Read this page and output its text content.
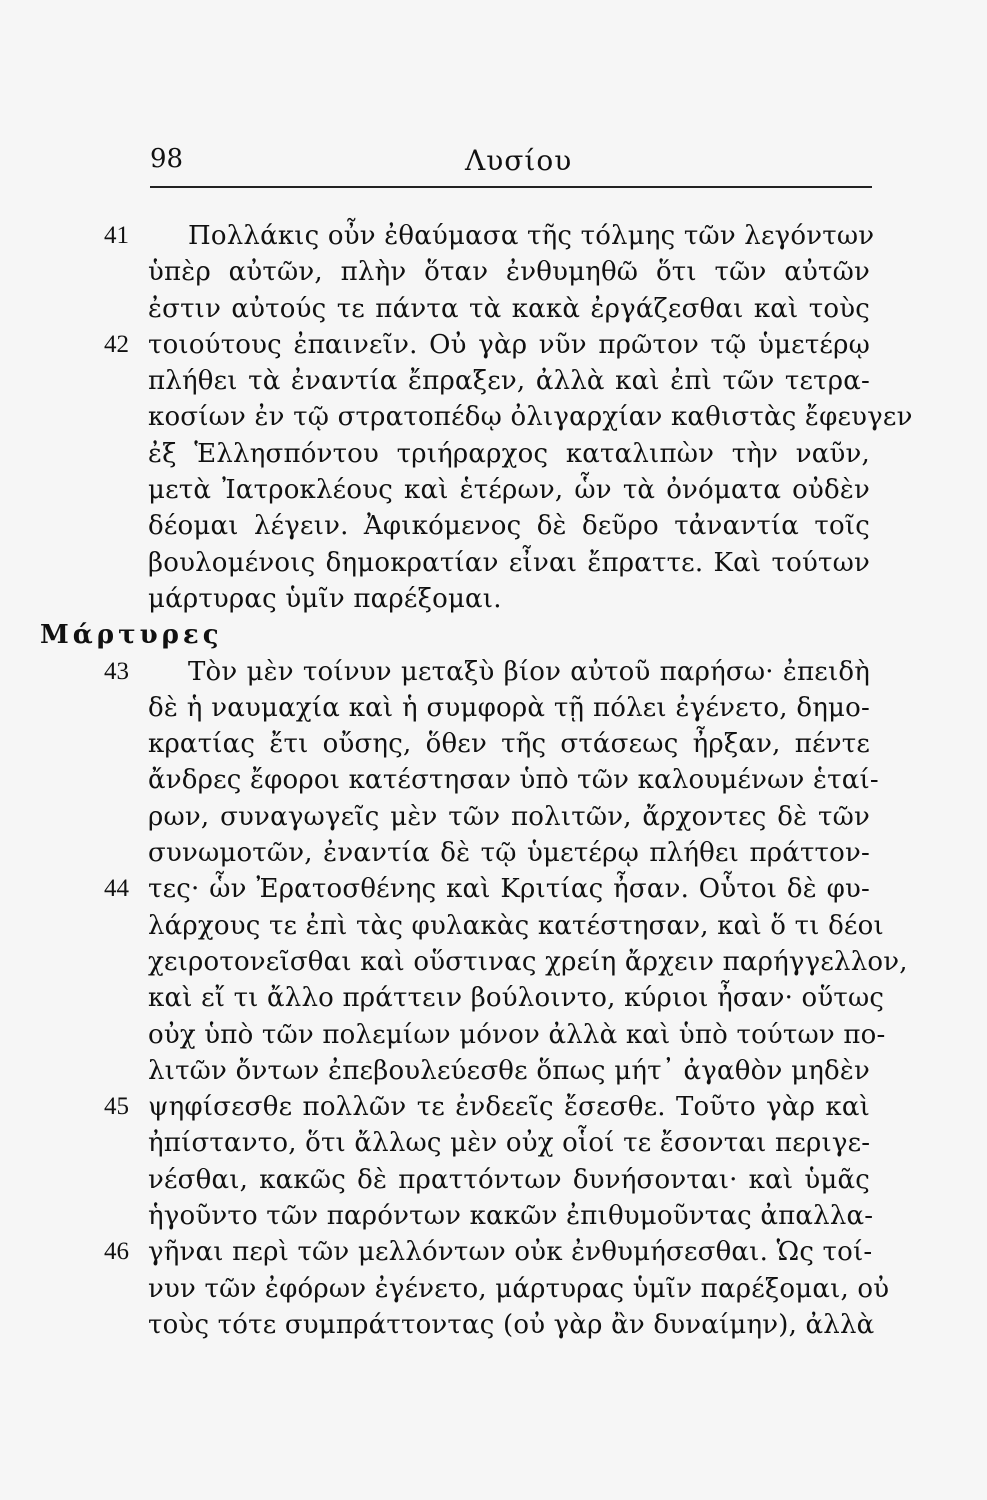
98	Λυσίου
41	Πολλάκις οὖν ἐθαύμασα τῆς τόλμης τῶν λεγόντων
ὑπὲρ αὐτῶν, πλὴν ὅταν ἐνθυμηθῶ ὅτι τῶν αὐτῶν
ἐστιν αὐτούς τε πάντα τὰ κακὰ ἐργάζεσθαι καὶ τοὺς
42 τοιούτους ἐπαινεῖν. Οὐ γὰρ νῦν πρῶτον τῷ ὑμετέρῳ
πλήθει τὰ ἐναντία ἔπραξεν, ἀλλὰ καὶ ἐπὶ τῶν τετρα-
κοσίων ἐν τῷ στρατοπέδῳ ὀλιγαρχίαν καθιστὰς ἔφευγεν
ἐξ Ἑλλησπόντου τριήραρχος καταλιπὼν τὴν ναῦν,
μετὰ Ἰατροκλέους καὶ ἑτέρων, ὧν τὰ ὀνόματα οὐδὲν
δέομαι λέγειν. Ἀφικόμενος δὲ δεῦρο τἀναντία τοῖς
βουλομένοις δημοκρατίαν εἶναι ἔπραττε. Καὶ τούτων
μάρτυρας ὑμῖν παρέξομαι.
Μάρτυρες
43	Τὸν μὲν τοίνυν μεταξὺ βίον αὐτοῦ παρήσω· ἐπειδὴ
δὲ ἡ ναυμαχία καὶ ἡ συμφορὰ τῇ πόλει ἐγένετο, δημο-
κρατίας ἔτι οὔσης, ὅθεν τῆς στάσεως ἦρξαν, πέντε
ἄνδρες ἔφοροι κατέστησαν ὑπὸ τῶν καλουμένων ἑταί-
ρων, συναγωγεῖς μὲν τῶν πολιτῶν, ἄρχοντες δὲ τῶν
συνωμοτῶν, ἐναντία δὲ τῷ ὑμετέρῳ πλήθει πράττον-
44 τες· ὧν Ἐρατοσθένης καὶ Κριτίας ἦσαν. Οὗτοι δὲ φυ-
λάρχους τε ἐπὶ τὰς φυλακὰς κατέστησαν, καὶ ὅ τι δέοι
χειροτονεῖσθαι καὶ οὕστινας χρείη ἄρχειν παρήγγελλον,
καὶ εἴ τι ἄλλο πράττειν βούλοιντο, κύριοι ἦσαν· οὕτως
οὐχ ὑπὸ τῶν πολεμίων μόνον ἀλλὰ καὶ ὑπὸ τούτων πο-
λιτῶν ὄντων ἐπεβουλεύεσθε ὅπως μήτ᾽ ἀγαθὸν μηδὲν
45 ψηφίσεσθε πολλῶν τε ἐνδεεῖς ἔσεσθε. Τοῦτο γὰρ καὶ
ἠπίσταντο, ὅτι ἄλλως μὲν οὐχ οἷοί τε ἔσονται περιγε-
νέσθαι, κακῶς δὲ πραττόντων δυνήσονται· καὶ ὑμᾶς
ἡγοῦντο τῶν παρόντων κακῶν ἐπιθυμοῦντας ἀπαλλα-
46 γῆναι περὶ τῶν μελλόντων οὐκ ἐνθυμήσεσθαι. Ὡς τοί-
νυν τῶν ἐφόρων ἐγένετο, μάρτυρας ὑμῖν παρέξομαι, οὐ
τοὺς τότε συμπράττοντας (οὐ γὰρ ἂν δυναίμην), ἀλλὰ
